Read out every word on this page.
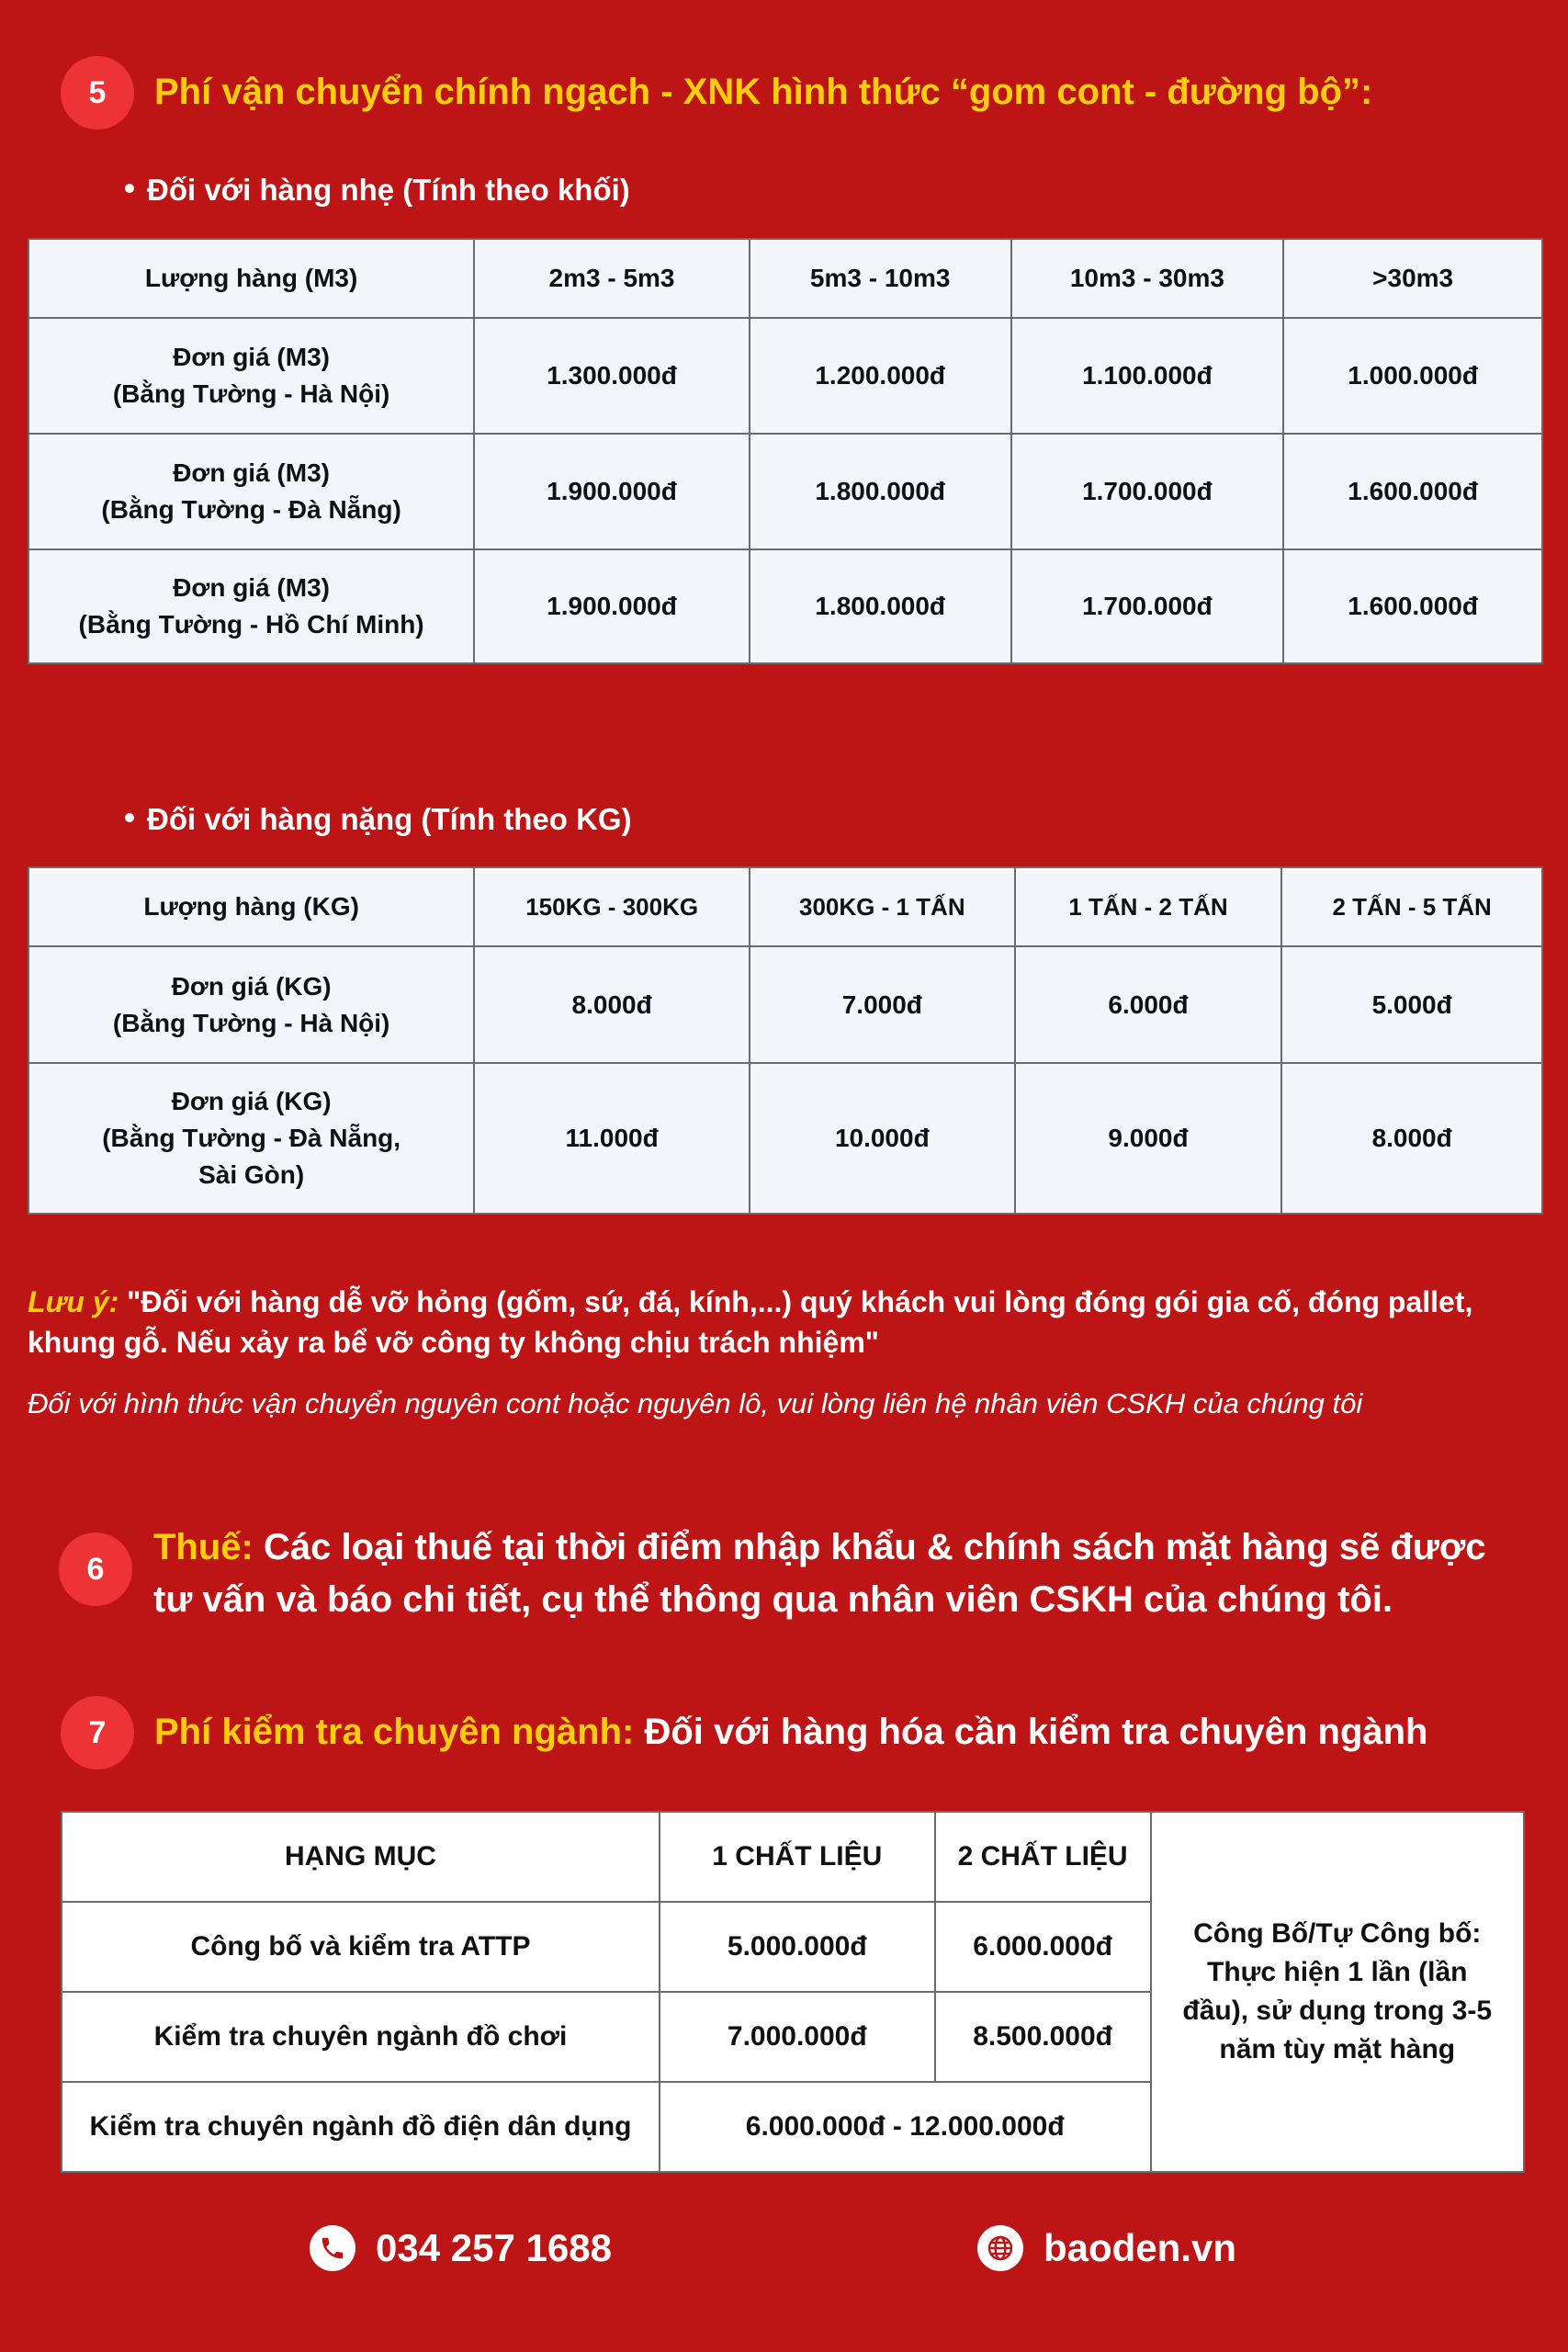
5 Phí vận chuyển chính ngạch - XNK hình thức “gom cont - đường bộ”:
Đối với hàng nhẹ (Tính theo khối)
Lượng hàng (M3)	2m3 - 5m3	5m3 - 10m3	10m3 - 30m3	>30m3

Đơn giá (M3)
(Bằng Tường - Hà Nội)	1.300.000đ	1.200.000đ	1.100.000đ	1.000.000đ

Đơn giá (M3)
(Bằng Tường - Đà Nẵng)	1.900.000đ	1.800.000đ	1.700.000đ	1.600.000đ

Đơn giá (M3)
(Bằng Tường - Hồ Chí Minh)	1.900.000đ	1.800.000đ	1.700.000đ	1.600.000đ
Đối với hàng nặng (Tính theo KG)
Lượng hàng (KG)	150KG - 300KG	300KG - 1 TẤN	1 TẤN - 2 TẤN	2 TẤN - 5 TẤN

Đơn giá (KG)
(Bằng Tường - Hà Nội)	8.000đ	7.000đ	6.000đ	5.000đ

Đơn giá (KG)
(Bằng Tường - Đà Nẵng,
Sài Gòn)	11.000đ	10.000đ	9.000đ	8.000đ
Lưu ý: "Đối với hàng dễ vỡ hỏng (gốm, sứ, đá, kính,...) quý khách vui lòng đóng gói gia cố, đóng pallet, khung gỗ. Nếu xảy ra bể vỡ công ty không chịu trách nhiệm"
Đối với hình thức vận chuyển nguyên cont hoặc nguyên lô, vui lòng liên hệ nhân viên CSKH của chúng tôi
6
Thuế: Các loại thuế tại thời điểm nhập khẩu & chính sách mặt hàng sẽ được tư vấn và báo chi tiết, cụ thể thông qua nhân viên CSKH của chúng tôi.
7 Phí kiểm tra chuyên ngành: Đối với hàng hóa cần kiểm tra chuyên ngành
HẠNG MỤC	1 CHẤT LIỆU	2 CHẤT LIỆU	Công Bố/Tự Công bố: Thực hiện 1 lần (lần đầu), sử dụng trong 3-5 năm tùy mặt hàng
Công bố và kiểm tra ATTP	5.000.000đ	6.000.000đ	
Kiểm tra chuyên ngành đồ chơi	7.000.000đ	8.500.000đ	
Kiểm tra chuyên ngành đồ điện dân dụng	6.000.000đ - 12.000.000đ		
034 257 1688	baoden.vn
